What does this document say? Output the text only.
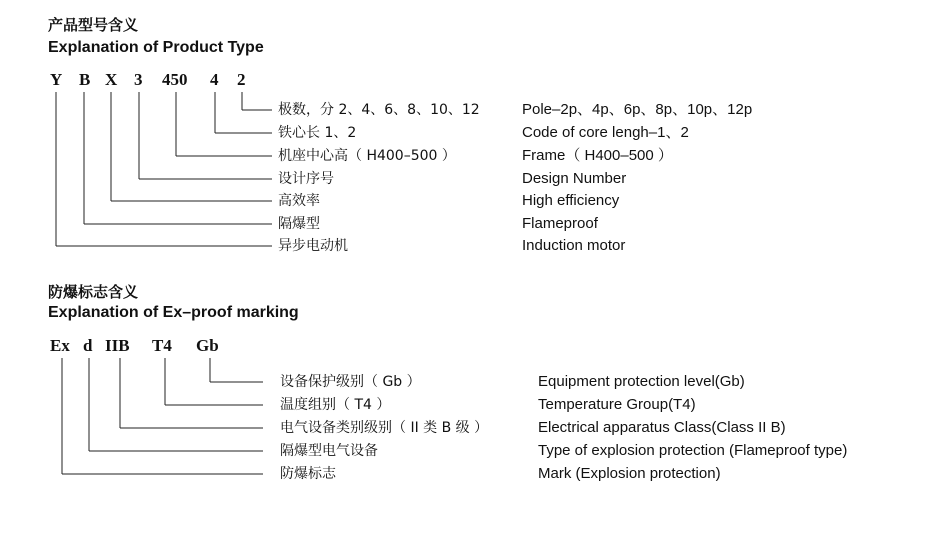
产品型号含义
Explanation of Product Type
Y B X 3 450 4 2
极数，分 2、4、6、8、10、12	Pole–2p、4p、6p、8p、10p、12p
铁心长 1、2	Code of core lengh–1、2
机座中心高（ H400–500 ）	Frame（ H400–500 ）
设计序号	Design Number
高效率	High efficiency
隔爆型	Flameproof
异步电动机	Induction motor
防爆标志含义
Explanation of Ex–proof marking
Ex d IIB T4 Gb
设备保护级别（ Gb ）	Equipment protection level(Gb)
温度组别（ T4 ）	Temperature Group(T4)
电气设备类别级别（ II 类 B 级 ）	Electrical apparatus Class(Class II B)
隔爆型电气设备	Type of explosion protection (Flameproof type)
防爆标志	Mark (Explosion protection)
